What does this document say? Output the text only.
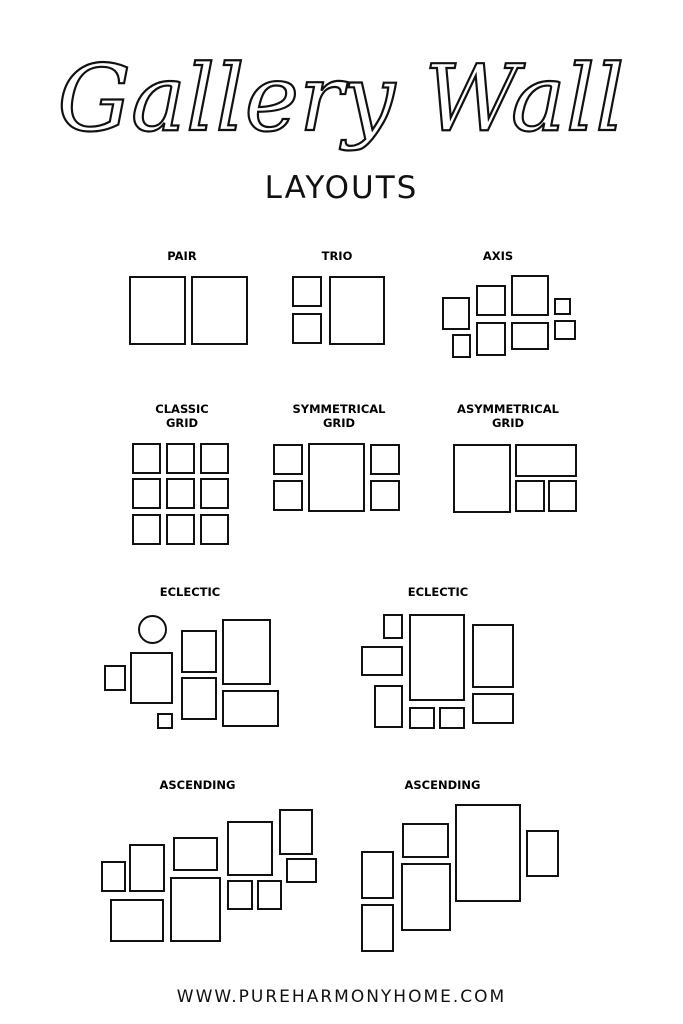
Gallery Wall
LAYOUTS
PAIR	TRIO	AXIS
CLASSIC
GRID
SYMMETRICAL
GRID
ASYMMETRICAL
GRID
ECLECTIC	ECLECTIC
ASCENDING	ASCENDING
WWW.PUREHARMONYHOME.COM
